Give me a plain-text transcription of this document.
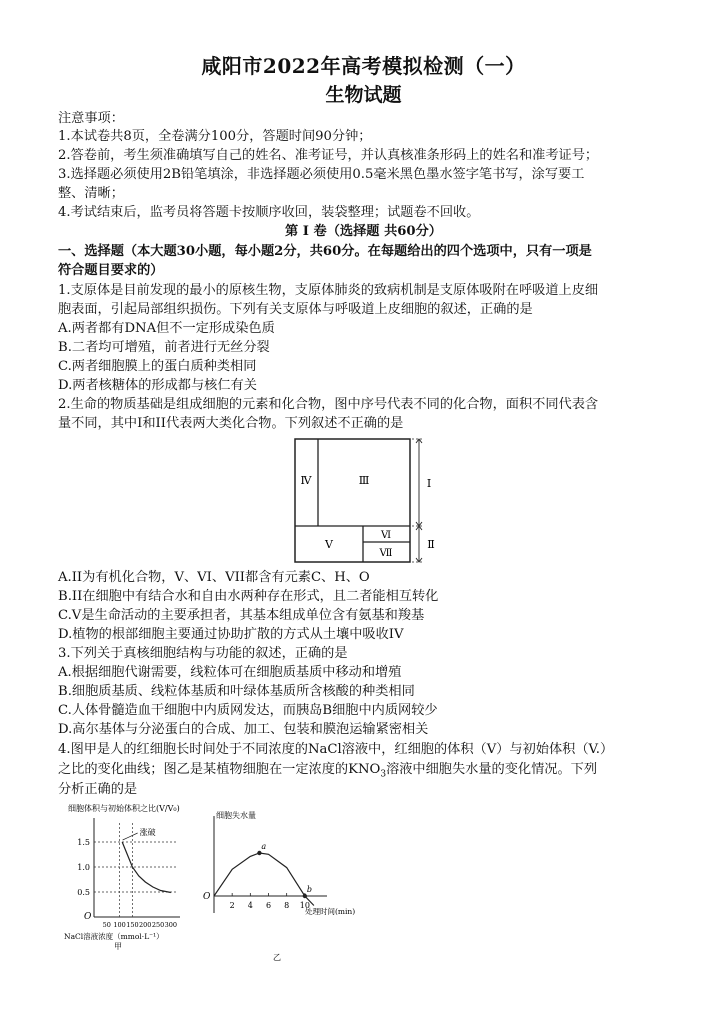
咸阳市2022年高考模拟检测（一）
生物试题
注意事项：
1.本试卷共8页，全卷满分100分，答题时间90分钟；
2.答卷前，考生须准确填写自己的姓名、准考证号，并认真核准条形码上的姓名和准考证号；
3.选择题必须使用2B铅笔填涂，非选择题必须使用0.5毫米黑色墨水签字笔书写，涂写要工
整、清晰；
4.考试结束后，监考员将答题卡按顺序收回，装袋整理；试题卷不回收。
第 I 卷（选择题 共60分）
一、选择题（本大题30小题，每小题2分，共60分。在每题给出的四个选项中，只有一项是
符合题目要求的）
1.支原体是目前发现的最小的原核生物，支原体肺炎的致病机制是支原体吸附在呼吸道上皮细
胞表面，引起局部组织损伤。下列有关支原体与呼吸道上皮细胞的叙述，正确的是
A.两者都有DNA但不一定形成染色质
B.二者均可增殖，前者进行无丝分裂
C.两者细胞膜上的蛋白质种类相同
D.两者核糖体的形成都与核仁有关
2.生命的物质基础是组成细胞的元素和化合物，图中序号代表不同的化合物，面积不同代表含
量不同，其中I和II代表两大类化合物。下列叙述不正确的是
Ⅳ	Ⅲ
Ⅴ
Ⅵ
Ⅶ
Ⅰ
Ⅱ
A.II为有机化合物，V、VI、VII都含有元素C、H、O
B.II在细胞中有结合水和自由水两种存在形式，且二者能相互转化
C.V是生命活动的主要承担者，其基本组成单位含有氨基和羧基
D.植物的根部细胞主要通过协助扩散的方式从土壤中吸收IV
3.下列关于真核细胞结构与功能的叙述，正确的是
A.根据细胞代谢需要，线粒体可在细胞质基质中移动和增殖
B.细胞质基质、线粒体基质和叶绿体基质所含核酸的种类相同
C.人体骨髓造血干细胞中内质网发达，而胰岛B细胞中内质网较少
D.高尔基体与分泌蛋白的合成、加工、包装和膜泡运输紧密相关
4.图甲是人的红细胞长时间处于不同浓度的NaCl溶液中，红细胞的体积（V）与初始体积（V.）
之比的变化曲线；图乙是某植物细胞在一定浓度的$KNO_3$溶液中细胞失水量的变化情况。下列
分析正确的是
细胞体积与初始体积之比(V/V₀)
1.5
1.0
0.5
涨破
O
50 100 150 200 250 300
NaCl溶液浓度（mmol·L⁻¹）
甲
细胞失水量
O
2 4 6 8 10
处理时间(min)
a
b
乙
